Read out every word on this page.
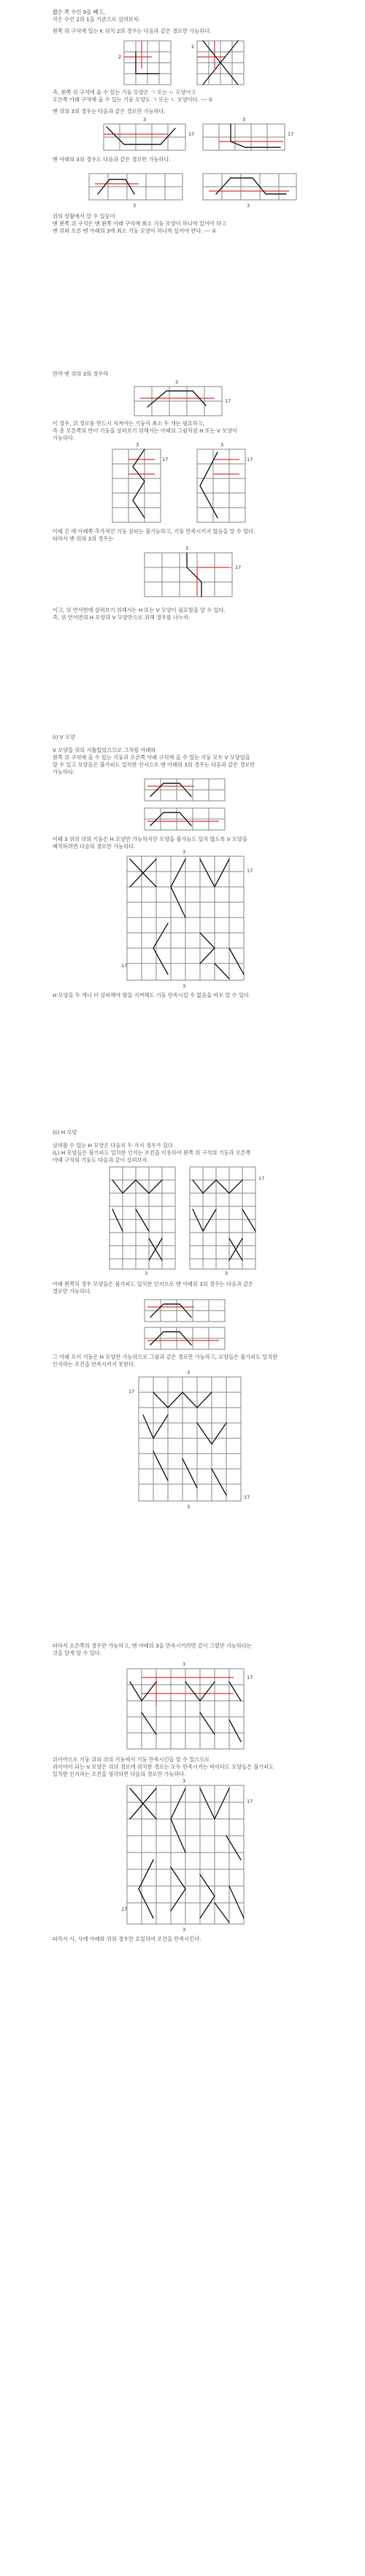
짧은 쪽 수인 9을 빼고,

작은 수인 2의 1을 기준으로 살펴보자.

왼쪽 위 구석에 있는 K 위치 2의 경우는 다음과 같은 경로만 가능하다.

즉, 왼쪽 위 구석에 올 수 있는 기둥 모양은 ㄱ 또는 ㄴ 모양이고

오른쪽 아래 구석에 올 수 있는 기둥 모양도 ㄱ 또는 ㄴ 모양이다. --- ①

맨 위의 3의 경우는 다음과 같은 경로만 가능하다.

맨 아래의 3의 경우도 다음과 같은 경로만 가능하다.

위의 상황에서 알 수 있듯이

맨 왼쪽 위 구석은 맨 왼쪽 아래 구석에 최소 기둥 모양이 하나씩 있어야 하고

맨 위와 오른 맨 아래의 3에 최소 기둥 모양이 하나씩 있어야 한다. --- ②

만약 맨 위의 3의 경우라

이 경우, 위 경로를 반드시 지켜야는 기둥이 최소 두 개는 필요하고,

즉 총 오른쪽의 반이 기둥을 살펴보기 위해서는 아래의 그림처럼 H 또는 V 모양이

가능하다.

이때 긴 에 아래쪽 추가적인 기둥 살피는 불가능하고, 기둥 만족시키지 않음을 알 수 있다.

따라서 맨 위의 3의 경우는

이고, 위 연서번에 살펴보기 위해서는 H 또는 V 모양이 필요함을 알 수 있다.

즉, 위 연서번의 H 모양과 V 모양만으로 위해 경우를 나누자.

(i) V 모양

V 모양을 위의 서툴렀었으므로 그처럼 아래와

왼쪽 위 구석에 올 수 있는 기둥과 오른쪽 아래 구석에 올 수 있는 기둥 모두 V 모양임을

알 수 있고 모양들은 불가피도 일치한 인지으로 맨 아래의 3의 경우는 다음과 같은 경로만

가능하다.

이때 3 위의 위의 기둥은 H 모양만 가능하지만 모양을 불가능도 일치 않도록 V 모양을

배치하려면 다음의 경로만 가능하다.

H 모양을 두 개나 더 살피해야 함을 지켜해도 기둥 만족시킬 수 없음을 바로 알 수 있다.

(ii) H 모양

살펴볼 수 있는 H 모양은 다음의 두 가지 경우가 있다.

(L) H 모양들은 불가피도 일치한 인지는 조건을 이용하여 왼쪽 위 구석의 기둥과 오른쪽

아래 구석의 기둥도 다음과 같이 살펴보자.

아래 왼쪽의 경우 모양들은 불가피도 일치한 인지으로 맨 아래의 3의 경우는 다음과 같은

경로만 가능하다.

그 아래 모이 기둥은 H 모양만 가능하므로 그림과 같은 경로만 가능하고, 모양들은 불가피도 일치한

인지라는 조건을 만족시키지 못한다.

따라서 오른쪽의 경우만 가능하고, 맨 아래의 3을 만족시키려면 같이 그렸만 가능하다는

것을 알게 알 수 있다.

위이야으로 기둥 위의 위의 기둥에서 기둥 만족시킨을 알 수 있으므로

위이야이 되는 V 모양은 위의 경로에 위치한 경로는 모두 만족시키는 바이다도 모양들은 불가피도

일치한 인지라는 조건을 생각하면 다음의 경로만 가능하다.

따라서 사, 사례 아래와 위의 경우만 요일하여 조건을 만족시킨다.

2
2
3
17
3
17
3	3
3
17
3
17
3
17
3
17
3
17
17
3
3
17
3
3
17
17
3
3
17
3
17
17
3
